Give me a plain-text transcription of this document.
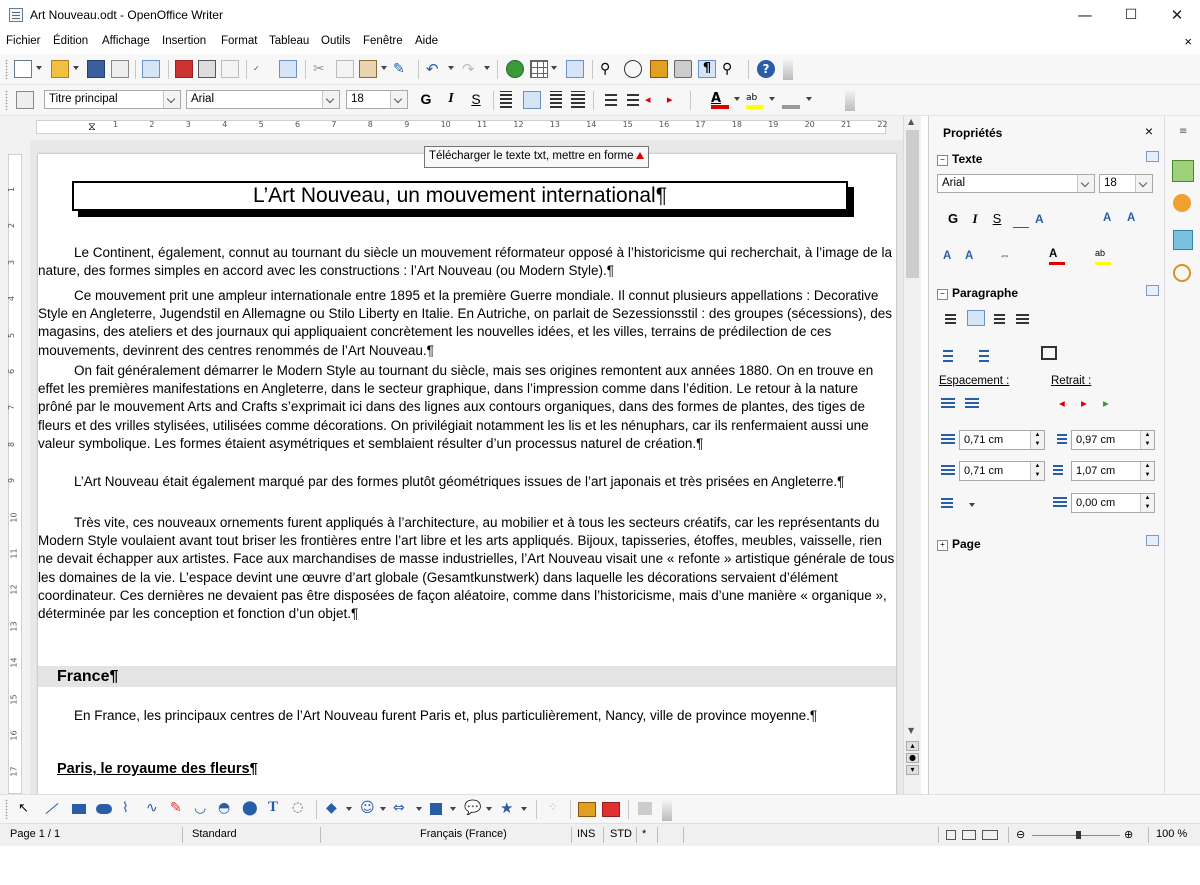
Art Nouveau.odt - OpenOffice Writer	—	☐	✕
Fichier Édition Affichage Insertion Format Tableau Outils Fenêtre Aide	×
✓	✂	✎	↶	↷	⚲	¶ ⚲	?
Titre principal	Arial	18	G	I	S	◂	▸	A	ab
⧖ 1	2	3	4	5	6	7	8	9	10	11	12	13	14	15	16	17	18	19	20	21	22
1
2
3
4
5
6
7
8
9
10
11
12
13
14
15
16
17
L’Art Nouveau, un mouvement international¶
Le Continent, également, connut au tournant du siècle un mouvement réformateur opposé à l’historicisme qui recherchait, à l’image de la nature, des formes simples en accord avec les constructions : l’Art Nouveau (ou Modern Style).¶
Ce mouvement prit une ampleur internationale entre 1895 et la première Guerre mondiale. Il connut plusieurs appellations : Decorative Style en Angleterre, Jugendstil en Allemagne ou Stilo Liberty en Italie. En Autriche, on parlait de Sezessionsstil : des groupes (sécessions), des magasins, des ateliers et des journaux qui appliquaient concrètement les nouvelles idées, et les villes, terrains de prédilection de ces mouvements, devinrent des centres renommés de l’Art Nouveau.¶
On fait généralement démarrer le Modern Style au tournant du siècle, mais ses origines remontent aux années 1880. On en trouve en effet les premières manifestations en Angleterre, dans le secteur graphique, dans l’impression comme dans l’édition. Le retour à la nature prôné par le mouvement Arts and Crafts s’exprimait ici dans des lignes aux contours organiques, dans des formes de plantes, des tiges de fleurs et des vrilles stylisées, utilisées comme décorations. On privilégiait notamment les lis et les nénuphars, car ils renfermaient aussi une valeur symbolique. Les formes étaient asymétriques et semblaient résulter d’un processus naturel de création.¶
L’Art Nouveau était également marqué par des formes plutôt géométriques issues de l’art japonais et très prisées en Angleterre.¶
Très vite, ces nouveaux ornements furent appliqués à l’architecture, au mobilier et à tous les secteurs créatifs, car les représentants du Modern Style voulaient avant tout briser les frontières entre l’art libre et les arts appliqués. Bijoux, tapisseries, étoffes, meubles, vaisselle, rien ne devait échapper aux artistes. Face aux marchandises de masse industrielles, l’Art Nouveau visait une « refonte » artistique générale de tous les domaines de la vie. L’espace devint une œuvre d’art globale (Gesamtkunstwerk) dans laquelle les décorations servaient d’élément coordinateur. Ces dernières ne devaient pas être disposées de façon aléatoire, comme dans l’historicisme, mais d’une manière « organique », déterminée par les conception et fonction d’un objet.¶
France¶
En France, les principaux centres de l’Art Nouveau furent Paris et, plus particulièrement, Nancy, ville de province moyenne.¶
Paris, le royaume des fleurs¶
Télécharger le texte txt, mettre en forme
▲
▼
▴
●
▾
Propriétés	×
− Texte
Arial	18
G	I	S	A	A	A
A	A	⇔	A	ab
− Paragraphe
Espacement :	Retrait :
◂	▸	▸
0,71 cm	▲
▼	0,97 cm	▲
▼
0,71 cm	▲
▼	1,07 cm	▲
▼
0,00 cm	▲
▼
+ Page
≡
↖	⌇ ∿ ✎ ◡ ◓ ⬤ T ◌ ◆ ☺ ⇔	💬 ★	⁘
Page 1 / 1	Standard	Français (France)	INS STD *	⊖	⊕ 100 %
